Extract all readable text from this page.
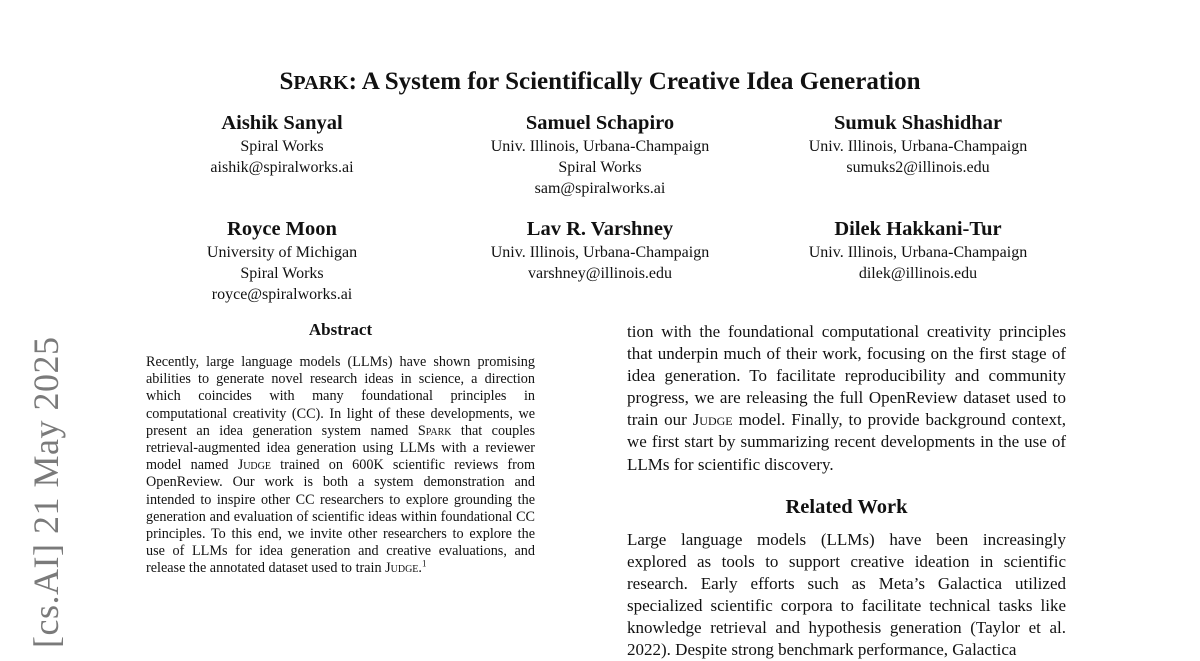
[cs.AI] 21 May 2025
SPARK: A System for Scientifically Creative Idea Generation
Aishik Sanyal
Spiral Works
aishik@spiralworks.ai
Samuel Schapiro
Univ. Illinois, Urbana-Champaign
Spiral Works
sam@spiralworks.ai
Sumuk Shashidhar
Univ. Illinois, Urbana-Champaign
sumuks2@illinois.edu
Royce Moon
University of Michigan
Spiral Works
royce@spiralworks.ai
Lav R. Varshney
Univ. Illinois, Urbana-Champaign
varshney@illinois.edu
Dilek Hakkani-Tur
Univ. Illinois, Urbana-Champaign
dilek@illinois.edu
Abstract

Recently, large language models (LLMs) have shown promising abilities to generate novel research ideas in science, a direction which coincides with many foundational principles in computational creativity (CC). In light of these developments, we present an idea generation system named Spark that couples retrieval-augmented idea generation using LLMs with a reviewer model named Judge trained on 600K scientific reviews from OpenReview. Our work is both a system demonstration and intended to inspire other CC researchers to explore grounding the generation and evaluation of scientific ideas within foundational CC principles. To this end, we invite other researchers to explore the use of LLMs for idea generation and creative evaluations, and release the annotated dataset used to train Judge.$^1$

tion with the foundational computational creativity principles that underpin much of their work, focusing on the first stage of idea generation. To facilitate reproducibility and community progress, we are releasing the full OpenReview dataset used to train our Judge model. Finally, to provide background context, we first start by summarizing recent developments in the use of LLMs for scientific discovery.

Related Work

Large language models (LLMs) have been increasingly explored as tools to support creative ideation in scientific research. Early efforts such as Meta’s Galactica utilized specialized scientific corpora to facilitate technical tasks like knowledge retrieval and hypothesis generation (Taylor et al. 2022). Despite strong benchmark performance, Galactica
